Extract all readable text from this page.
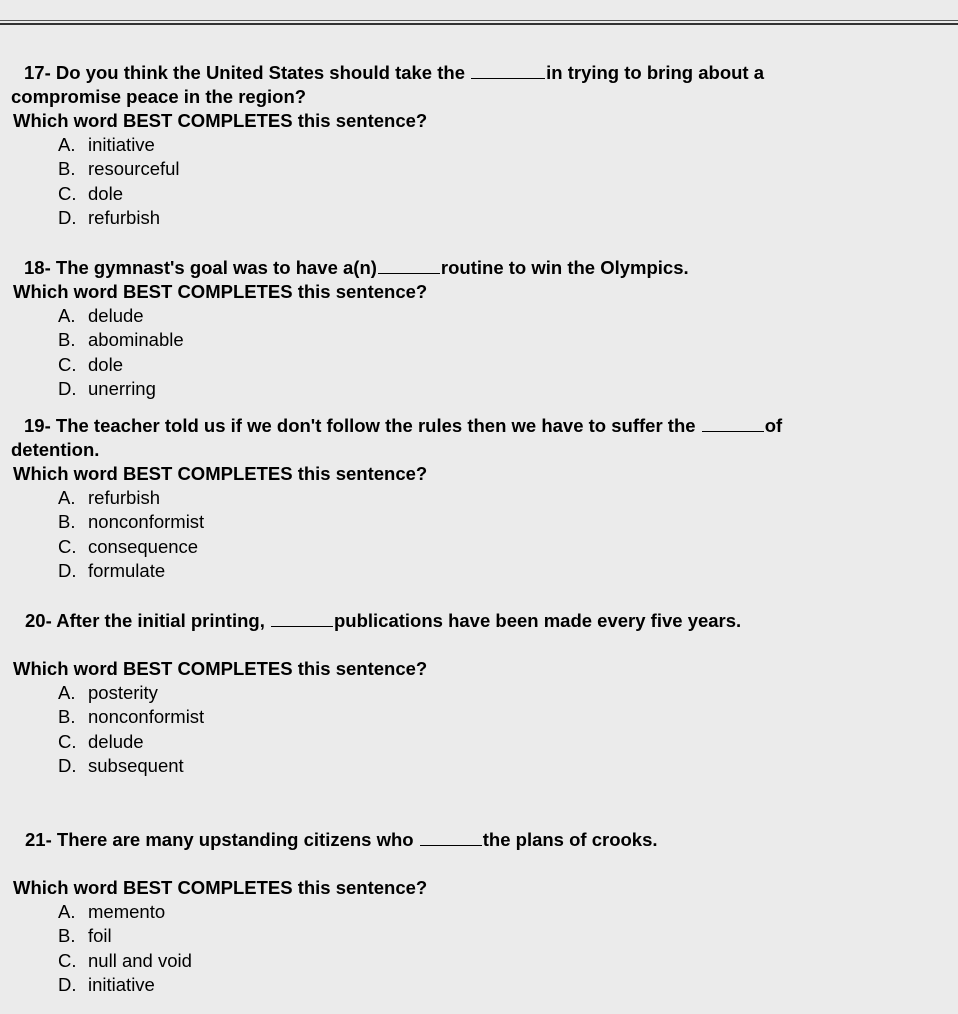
17- Do you think the United States should take the	in trying to bring about a
compromise peace in the region?
Which word BEST COMPLETES this sentence?
A. initiative
B. resourceful
C. dole
D. refurbish
18- The gymnast's goal was to have a(n)	routine to win the Olympics.
Which word BEST COMPLETES this sentence?
A. delude
B. abominable
C. dole
D. unerring
19- The teacher told us if we don't follow the rules then we have to suffer the	of
detention.
Which word BEST COMPLETES this sentence?
A. refurbish
B. nonconformist
C. consequence
D. formulate
20- After the initial printing,	publications have been made every five years.

Which word BEST COMPLETES this sentence?
A. posterity
B. nonconformist
C. delude
D. subsequent
21- There are many upstanding citizens who	the plans of crooks.

Which word BEST COMPLETES this sentence?
A. memento
B. foil
C. null and void
D. initiative
